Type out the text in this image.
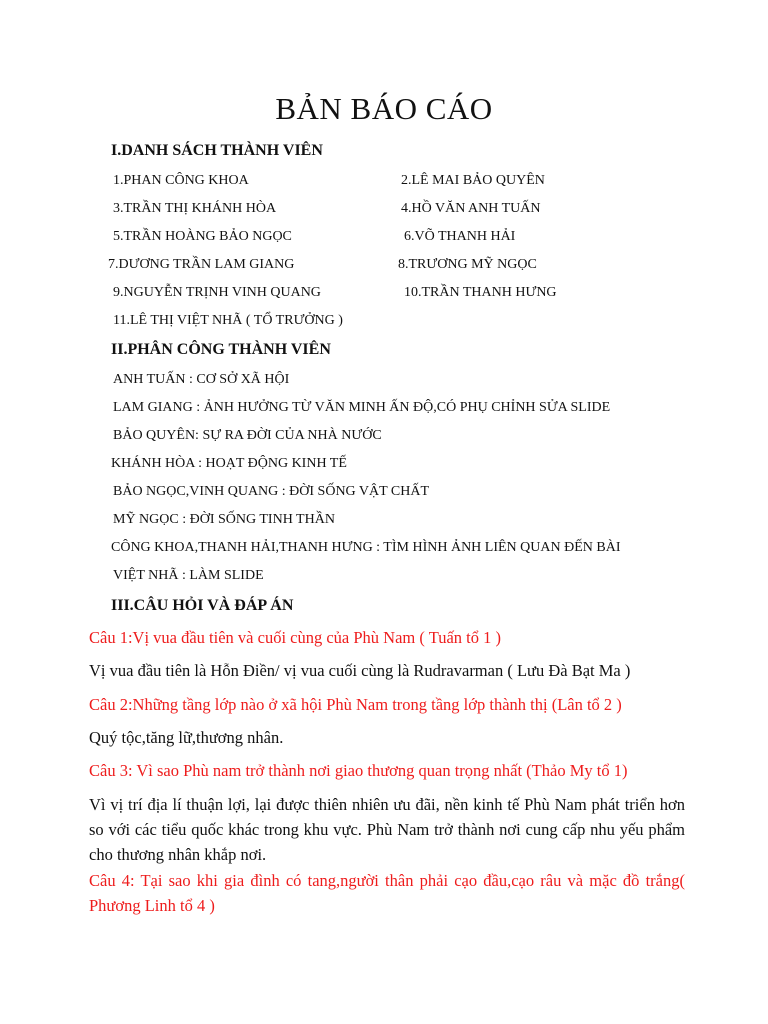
BẢN BÁO CÁO
I.DANH SÁCH THÀNH VIÊN
1.PHAN CÔNG KHOA	2.LÊ MAI BẢO QUYÊN
3.TRẦN THỊ KHÁNH HÒA	4.HỒ VĂN ANH TUẤN
5.TRẦN HOÀNG BẢO NGỌC	6.VÕ THANH HẢI
7.DƯƠNG TRẦN LAM GIANG	8.TRƯƠNG MỸ NGỌC
9.NGUYỄN TRỊNH VINH QUANG	10.TRẦN THANH HƯNG
11.LÊ THỊ VIỆT NHÃ ( TỔ TRƯỞNG )
II.PHÂN CÔNG THÀNH VIÊN
ANH TUẤN : CƠ SỞ XÃ HỘI
LAM GIANG : ẢNH HƯỞNG TỪ VĂN MINH ẤN ĐỘ,CÓ PHỤ CHỈNH SỬA SLIDE
BẢO QUYÊN: SỰ RA ĐỜI CỦA NHÀ NƯỚC
KHÁNH HÒA : HOẠT ĐỘNG KINH TẾ
BẢO NGỌC,VINH QUANG : ĐỜI SỐNG VẬT CHẤT
MỸ NGỌC : ĐỜI SỐNG TINH THẦN
CÔNG KHOA,THANH HẢI,THANH HƯNG : TÌM HÌNH ẢNH LIÊN QUAN ĐẾN BÀI
VIỆT NHÃ : LÀM SLIDE
III.CÂU HỎI VÀ ĐÁP ÁN
Câu 1:Vị vua đầu tiên và cuối cùng của Phù Nam ( Tuấn tổ 1 )
Vị vua đầu tiên là Hỗn Điền/ vị vua cuối cùng là Rudravarman ( Lưu Đà Bạt Ma )
Câu 2:Những tầng lớp nào ở xã hội Phù Nam trong tầng lớp thành thị (Lân tổ 2 )
Quý tộc,tăng lữ,thương nhân.
Câu 3: Vì sao Phù nam trở thành nơi giao thương quan trọng nhất (Thảo My tổ 1)
Vì vị trí địa lí thuận lợi, lại được thiên nhiên ưu đãi, nền kinh tế Phù Nam phát triển hơn so với các tiểu quốc khác trong khu vực. Phù Nam trở thành nơi cung cấp nhu yếu phẩm cho thương nhân khắp nơi.
Câu 4: Tại sao khi gia đình có tang,người thân phải cạo đầu,cạo râu và mặc đồ trắng( Phương Linh tổ 4 )
